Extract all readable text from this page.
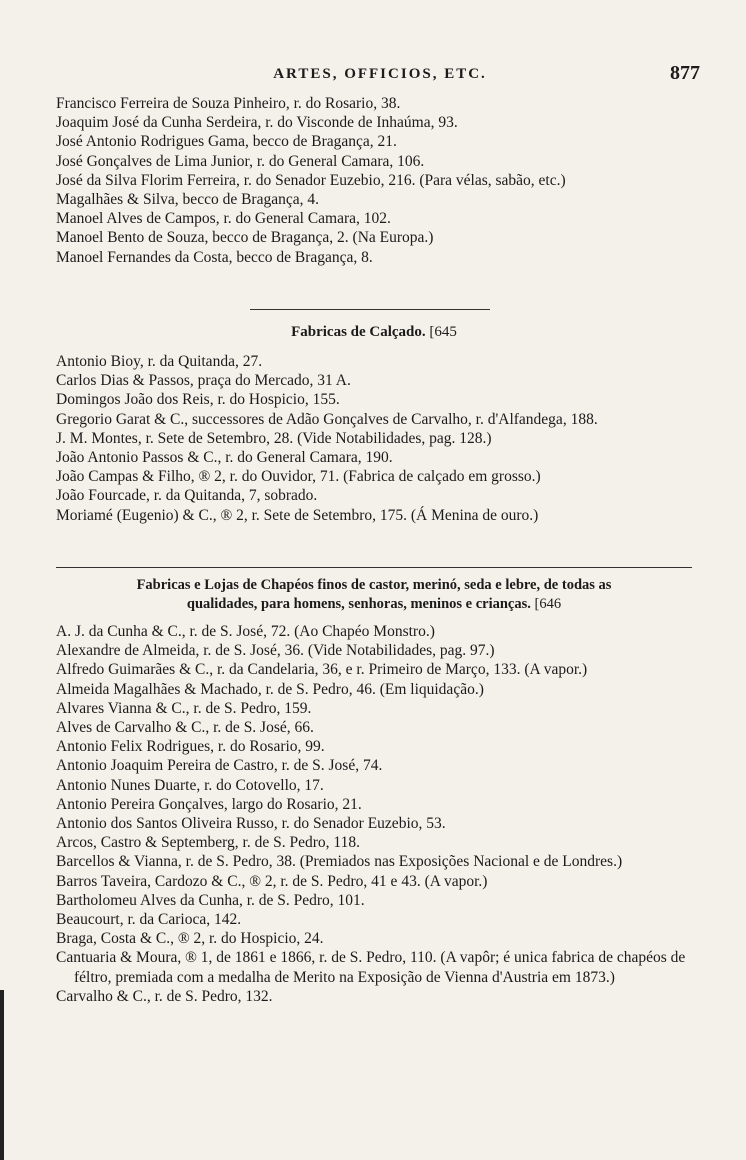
ARTES, OFFICIOS, ETC.	877
Francisco Ferreira de Souza Pinheiro, r. do Rosario, 38.
Joaquim José da Cunha Serdeira, r. do Visconde de Inhaúma, 93.
José Antonio Rodrigues Gama, becco de Bragança, 21.
José Gonçalves de Lima Junior, r. do General Camara, 106.
José da Silva Florim Ferreira, r. do Senador Euzebio, 216. (Para vélas, sabão, etc.)
Magalhães & Silva, becco de Bragança, 4.
Manoel Alves de Campos, r. do General Camara, 102.
Manoel Bento de Souza, becco de Bragança, 2. (Na Europa.)
Manoel Fernandes da Costa, becco de Bragança, 8.
Fabricas de Calçado. [645
Antonio Bioy, r. da Quitanda, 27.
Carlos Dias & Passos, praça do Mercado, 31 A.
Domingos João dos Reis, r. do Hospicio, 155.
Gregorio Garat & C., successores de Adão Gonçalves de Carvalho, r. d'Alfandega, 188.
J. M. Montes, r. Sete de Setembro, 28. (Vide Notabilidades, pag. 128.)
João Antonio Passos & C., r. do General Camara, 190.
João Campas & Filho, ® 2, r. do Ouvidor, 71. (Fabrica de calçado em grosso.)
João Fourcade, r. da Quitanda, 7, sobrado.
Moriamé (Eugenio) & C., ® 2, r. Sete de Setembro, 175. (Á Menina de ouro.)
Fabricas e Lojas de Chapéos finos de castor, merinó, seda e lebre, de todas as
qualidades, para homens, senhoras, meninos e crianças. [646
A. J. da Cunha & C., r. de S. José, 72. (Ao Chapéo Monstro.)
Alexandre de Almeida, r. de S. José, 36. (Vide Notabilidades, pag. 97.)
Alfredo Guimarães & C., r. da Candelaria, 36, e r. Primeiro de Março, 133. (A vapor.)
Almeida Magalhães & Machado, r. de S. Pedro, 46. (Em liquidação.)
Alvares Vianna & C., r. de S. Pedro, 159.
Alves de Carvalho & C., r. de S. José, 66.
Antonio Felix Rodrigues, r. do Rosario, 99.
Antonio Joaquim Pereira de Castro, r. de S. José, 74.
Antonio Nunes Duarte, r. do Cotovello, 17.
Antonio Pereira Gonçalves, largo do Rosario, 21.
Antonio dos Santos Oliveira Russo, r. do Senador Euzebio, 53.
Arcos, Castro & Septemberg, r. de S. Pedro, 118.
Barcellos & Vianna, r. de S. Pedro, 38. (Premiados nas Exposições Nacional e de Londres.)
Barros Taveira, Cardozo & C., ® 2, r. de S. Pedro, 41 e 43. (A vapor.)
Bartholomeu Alves da Cunha, r. de S. Pedro, 101.
Beaucourt, r. da Carioca, 142.
Braga, Costa & C., ® 2, r. do Hospicio, 24.
Cantuaria & Moura, ® 1, de 1861 e 1866, r. de S. Pedro, 110. (A vapôr; é unica fabrica de chapéos de féltro, premiada com a medalha de Merito na Exposição de Vienna d'Austria em 1873.)
Carvalho & C., r. de S. Pedro, 132.
